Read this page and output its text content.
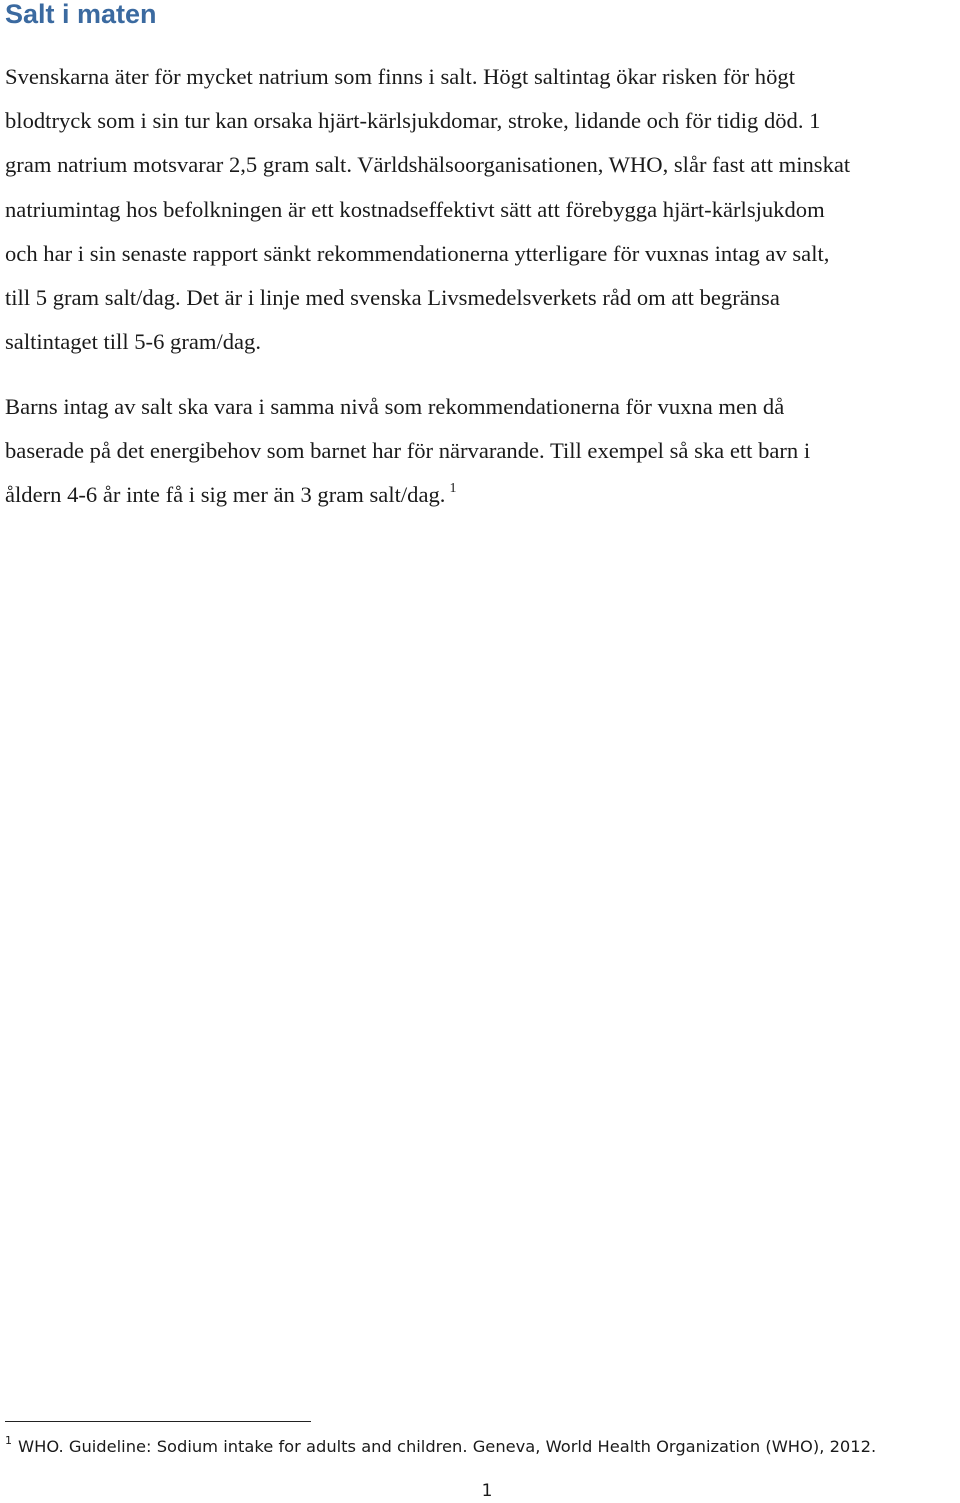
Salt i maten

Svenskarna äter för mycket natrium som finns i salt. Högt saltintag ökar risken för högt
blodtryck som i sin tur kan orsaka hjärt-kärlsjukdomar, stroke, lidande och för tidig död. 1
gram natrium motsvarar 2,5 gram salt. Världshälsoorganisationen, WHO, slår fast att minskat
natriumintag hos befolkningen är ett kostnadseffektivt sätt att förebygga hjärt-kärlsjukdom
och har i sin senaste rapport sänkt rekommendationerna ytterligare för vuxnas intag av salt,
till 5 gram salt/dag. Det är i linje med svenska Livsmedelsverkets råd om att begränsa
saltintaget till 5-6 gram/dag.

Barns intag av salt ska vara i samma nivå som rekommendationerna för vuxna men då
baserade på det energibehov som barnet har för närvarande. Till exempel så ska ett barn i
åldern 4-6 år inte få i sig mer än 3 gram salt/dag. $^1$

$^1$ WHO. Guideline: Sodium intake for adults and children. Geneva, World Health Organization (WHO), 2012.

1
